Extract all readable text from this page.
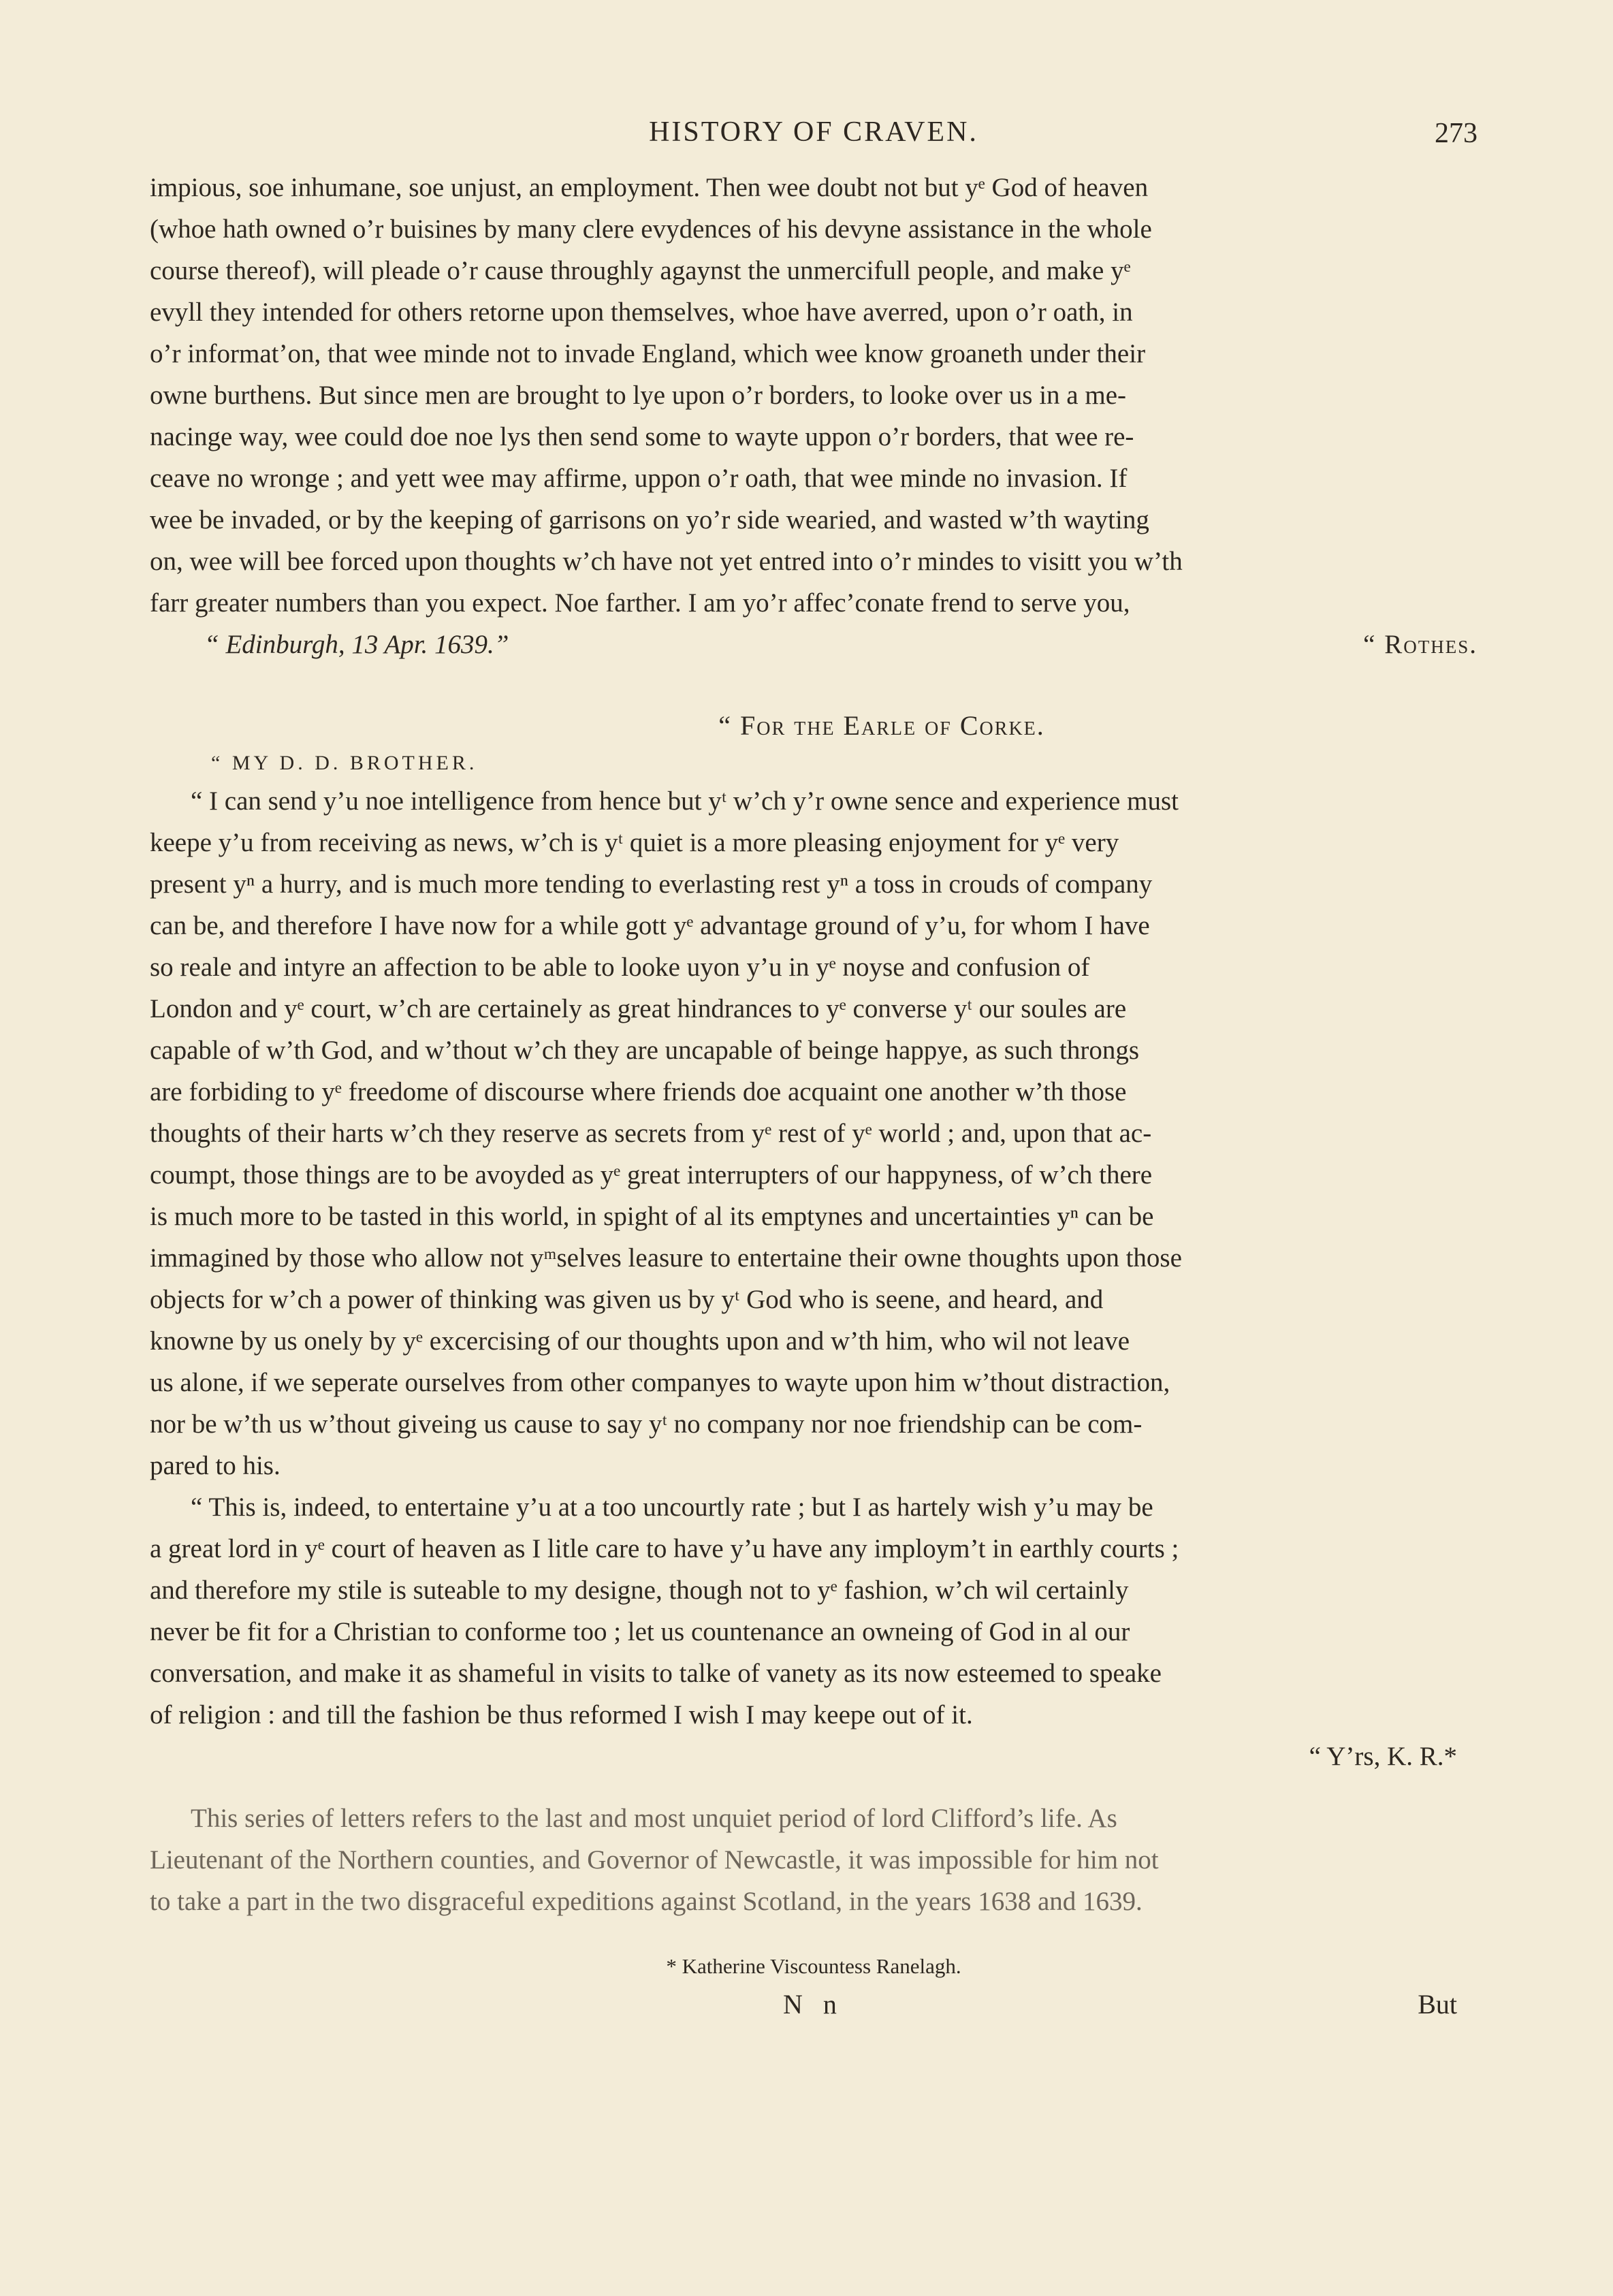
HISTORY OF CRAVEN.	273

impious, soe inhumane, soe unjust, an employment. Then wee doubt not but yᵉ God of heaven

(whoe hath owned o’r buisines by many clere evydences of his devyne assistance in the whole

course thereof), will pleade o’r cause throughly agaynst the unmercifull people, and make yᵉ

evyll they intended for others retorne upon themselves, whoe have averred, upon o’r oath, in

o’r informat’on, that wee minde not to invade England, which wee know groaneth under their

owne burthens. But since men are brought to lye upon o’r borders, to looke over us in a me-

nacinge way, wee could doe noe lys then send some to wayte uppon o’r borders, that wee re-

ceave no wronge ; and yett wee may affirme, uppon o’r oath, that wee minde no invasion. If

wee be invaded, or by the keeping of garrisons on yo’r side wearied, and wasted w’th wayting

on, wee will bee forced upon thoughts w’ch have not yet entred into o’r mindes to visitt you w’th

farr greater numbers than you expect. Noe farther. I am yo’r affec’conate frend to serve you,

“ Edinburgh, 13 Apr. 1639.”	“ Rothes.
“ For the Earle of Corke.
“ MY D. D. BROTHER.

“ I can send y’u noe intelligence from hence but yᵗ w’ch y’r owne sence and experience must

keepe y’u from receiving as news, w’ch is yᵗ quiet is a more pleasing enjoyment for yᵉ very

present yⁿ a hurry, and is much more tending to everlasting rest yⁿ a toss in crouds of company

can be, and therefore I have now for a while gott yᵉ advantage ground of y’u, for whom I have

so reale and intyre an affection to be able to looke uyon y’u in yᵉ noyse and confusion of

London and yᵉ court, w’ch are certainely as great hindrances to yᵉ converse yᵗ our soules are

capable of w’th God, and w’thout w’ch they are uncapable of beinge happye, as such throngs

are forbiding to yᵉ freedome of discourse where friends doe acquaint one another w’th those

thoughts of their harts w’ch they reserve as secrets from yᵉ rest of yᵉ world ; and, upon that ac-

coumpt, those things are to be avoyded as yᵉ great interrupters of our happyness, of w’ch there

is much more to be tasted in this world, in spight of al its emptynes and uncertainties yⁿ can be

immagined by those who allow not yᵐselves leasure to entertaine their owne thoughts upon those

objects for w’ch a power of thinking was given us by yᵗ God who is seene, and heard, and

knowne by us onely by yᵉ excercising of our thoughts upon and w’th him, who wil not leave

us alone, if we seperate ourselves from other companyes to wayte upon him w’thout distraction,

nor be w’th us w’thout giveing us cause to say yᵗ no company nor noe friendship can be com-

pared to his.

“ This is, indeed, to entertaine y’u at a too uncourtly rate ; but I as hartely wish y’u may be

a great lord in yᵉ court of heaven as I litle care to have y’u have any imploym’t in earthly courts ;

and therefore my stile is suteable to my designe, though not to yᵉ fashion, w’ch wil certainly

never be fit for a Christian to conforme too ; let us countenance an owneing of God in al our

conversation, and make it as shameful in visits to talke of vanety as its now esteemed to speake

of religion : and till the fashion be thus reformed I wish I may keepe out of it.

“ Y’rs, K. R.*

This series of letters refers to the last and most unquiet period of lord Clifford’s life. As

Lieutenant of the Northern counties, and Governor of Newcastle, it was impossible for him not

to take a part in the two disgraceful expeditions against Scotland, in the years 1638 and 1639.

* Katherine Viscountess Ranelagh.
N n	But
